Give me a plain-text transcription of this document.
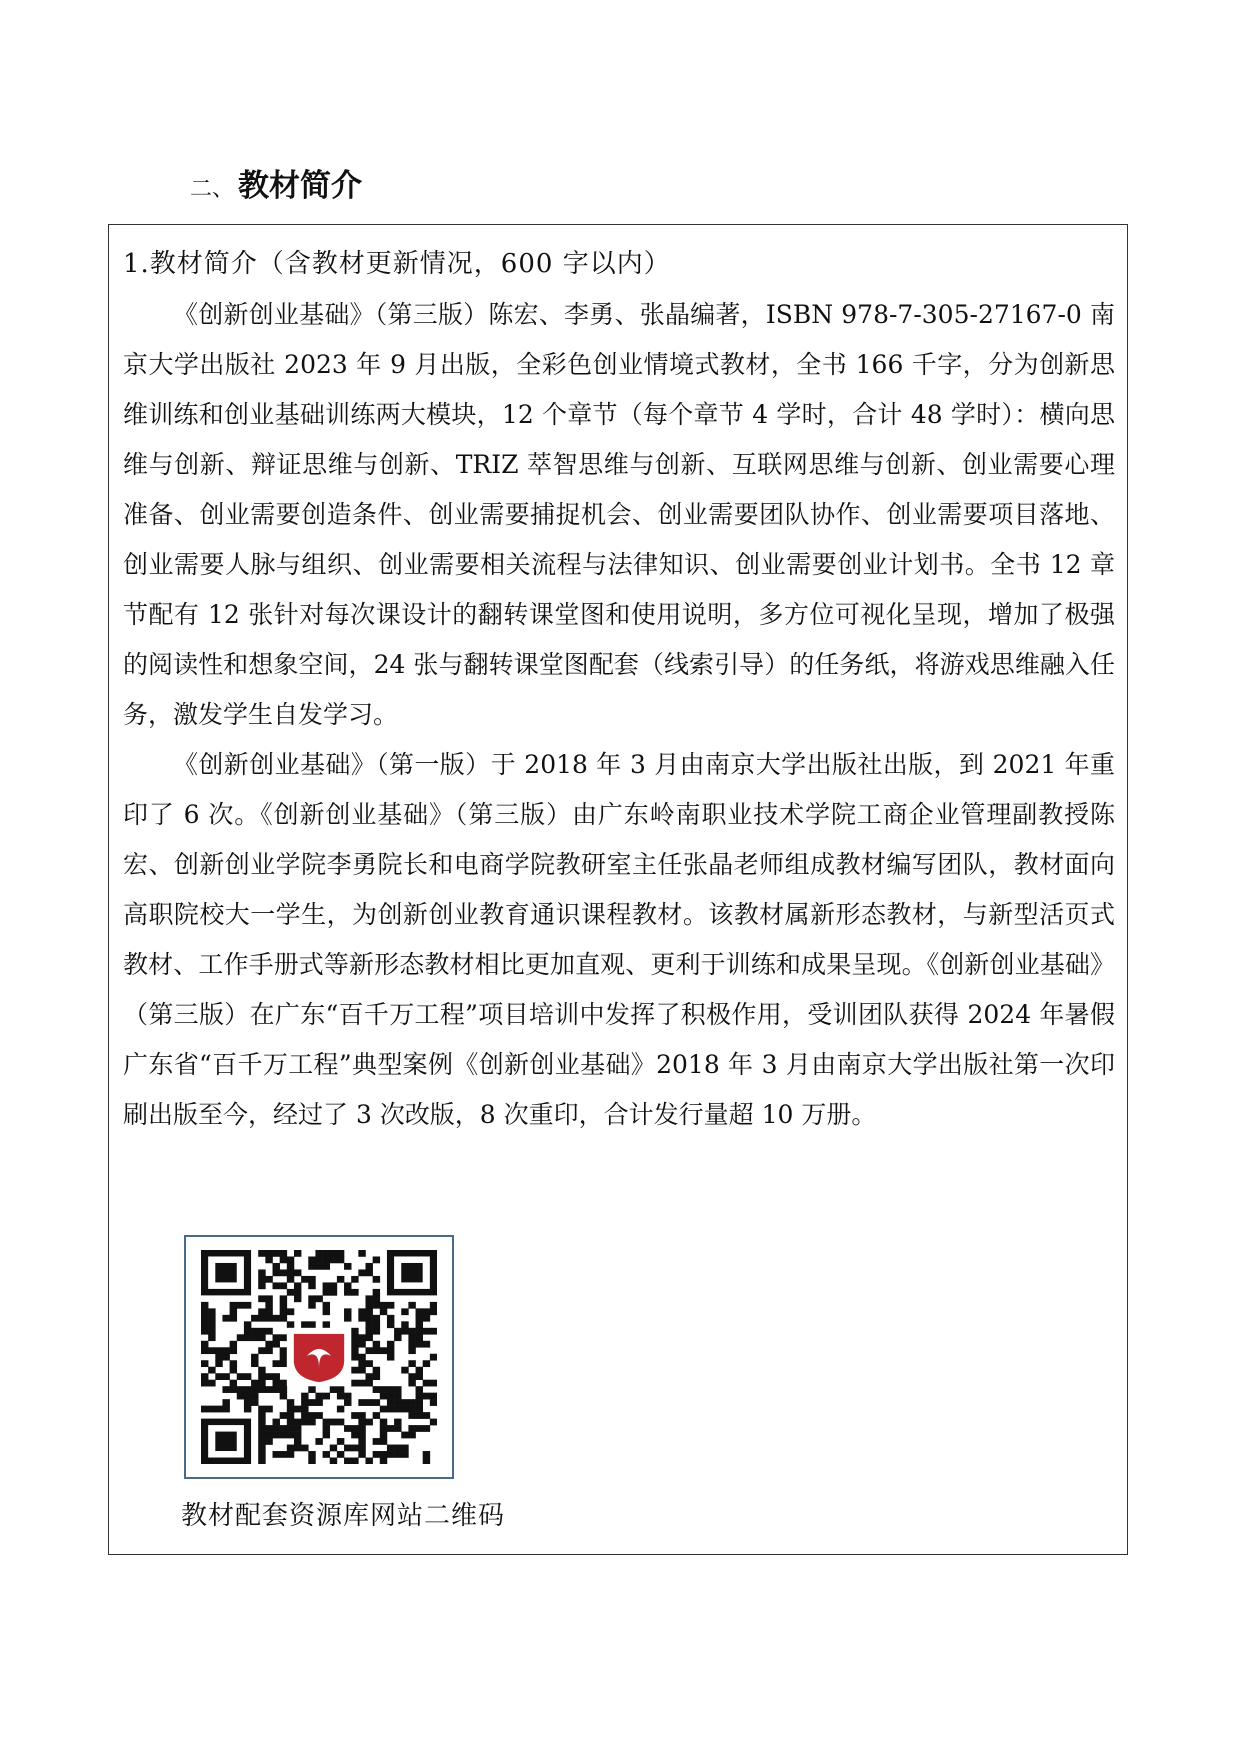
二、 教材简介
1.教材简介（含教材更新情况，600 字以内）

《创新创业基础》（第三版）陈宏、李勇、张晶编著，ISBN 978-7-305-27167-0 南京大学出版社 2023 年 9 月出版，全彩色创业情境式教材，全书 166 千字，分为创新思维训练和创业基础训练两大模块，12 个章节（每个章节 4 学时，合计 48 学时）：横向思维与创新、辩证思维与创新、TRIZ 萃智思维与创新、互联网思维与创新、创业需要心理准备、创业需要创造条件、创业需要捕捉机会、创业需要团队协作、创业需要项目落地、创业需要人脉与组织、创业需要相关流程与法律知识、创业需要创业计划书。全书 12 章节配有 12 张针对每次课设计的翻转课堂图和使用说明，多方位可视化呈现，增加了极强的阅读性和想象空间，24 张与翻转课堂图配套（线索引导）的任务纸，将游戏思维融入任务，激发学生自发学习。

《创新创业基础》（第一版）于 2018 年 3 月由南京大学出版社出版，到 2021 年重印了 6 次。《创新创业基础》（第三版）由广东岭南职业技术学院工商企业管理副教授陈宏、创新创业学院李勇院长和电商学院教研室主任张晶老师组成教材编写团队，教材面向高职院校大一学生，为创新创业教育通识课程教材。该教材属新形态教材，与新型活页式教材、工作手册式等新形态教材相比更加直观、更利于训练和成果呈现。《创新创业基础》（第三版）在广东“百千万工程”项目培训中发挥了积极作用，受训团队获得 2024 年暑假广东省“百千万工程”典型案例《创新创业基础》2018 年 3 月由南京大学出版社第一次印刷出版至今，经过了 3 次改版，8 次重印，合计发行量超 10 万册。

教材配套资源库网站二维码
